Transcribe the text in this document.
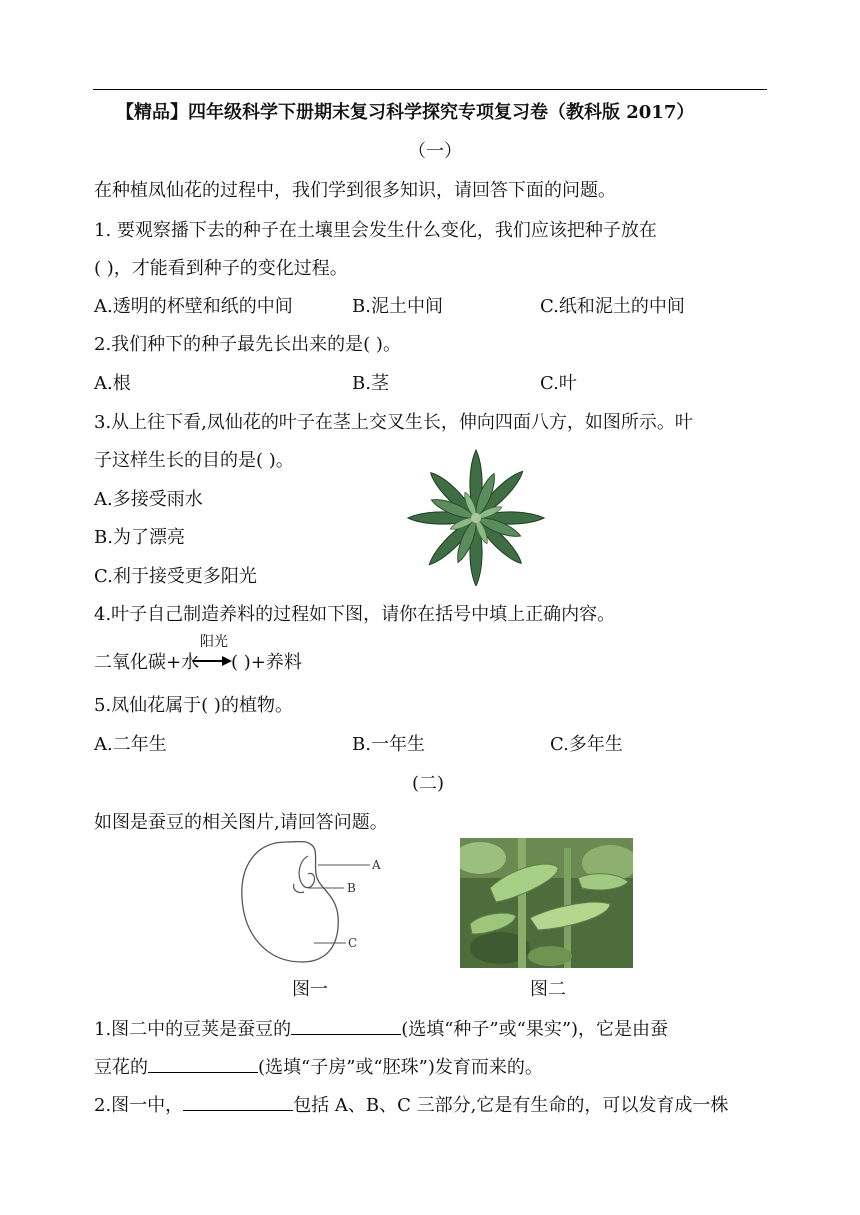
【精品】四年级科学下册期末复习科学探究专项复习卷（教科版 2017）
（一）
在种植凤仙花的过程中，我们学到很多知识，请回答下面的问题。
1. 要观察播下去的种子在土壤里会发生什么变化，我们应该把种子放在
( )，才能看到种子的变化过程。
A.透明的杯壁和纸的中间	B.泥土中间	C.纸和泥土的中间
2.我们种下的种子最先长出来的是( )。
A.根	B.茎	C.叶
3.从上往下看,凤仙花的叶子在茎上交叉生长，伸向四面八方，如图所示。叶
子这样生长的目的是( )。
A.多接受雨水
B.为了漂亮
C.利于接受更多阳光
4.叶子自己制造养料的过程如下图，请你在括号中填上正确内容。
二氧化碳+水
阳光
( )+养料
5.凤仙花属于( )的植物。
A.二年生	B.一年生	C.多年生
(二)
如图是蚕豆的相关图片,请回答问题。
A
B
C
图一	图二
1.图二中的豆荚是蚕豆的	(选填“种子”或“果实”)，它是由蚕
豆花的	(选填“子房”或“胚珠”)发育而来的。
2.图一中，	包括 A、B、C 三部分,它是有生命的，可以发育成一株
